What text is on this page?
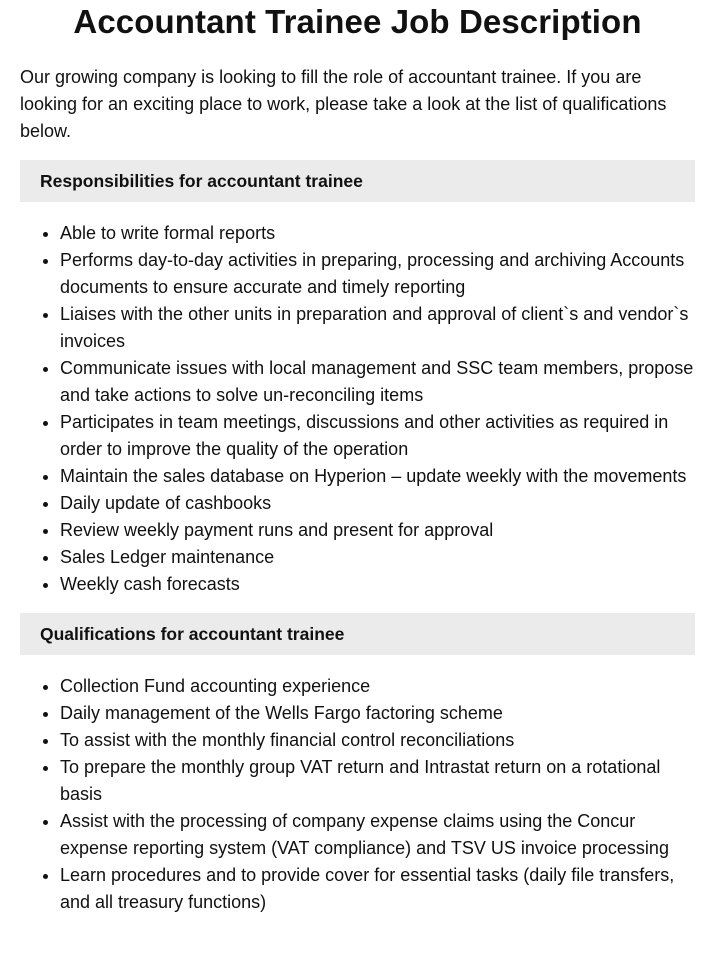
Accountant Trainee Job Description

Our growing company is looking to fill the role of accountant trainee. If you are looking for an exciting place to work, please take a look at the list of qualifications below.

Responsibilities for accountant trainee
• Able to write formal reports
• Performs day-to-day activities in preparing, processing and archiving Accounts documents to ensure accurate and timely reporting
• Liaises with the other units in preparation and approval of client`s and vendor`s invoices
• Communicate issues with local management and SSC team members, propose and take actions to solve un-reconciling items
• Participates in team meetings, discussions and other activities as required in order to improve the quality of the operation
• Maintain the sales database on Hyperion – update weekly with the movements
• Daily update of cashbooks
• Review weekly payment runs and present for approval
• Sales Ledger maintenance
• Weekly cash forecasts
Qualifications for accountant trainee
• Collection Fund accounting experience
• Daily management of the Wells Fargo factoring scheme
• To assist with the monthly financial control reconciliations
• To prepare the monthly group VAT return and Intrastat return on a rotational basis
• Assist with the processing of company expense claims using the Concur expense reporting system (VAT compliance) and TSV US invoice processing
• Learn procedures and to provide cover for essential tasks (daily file transfers, and all treasury functions)
